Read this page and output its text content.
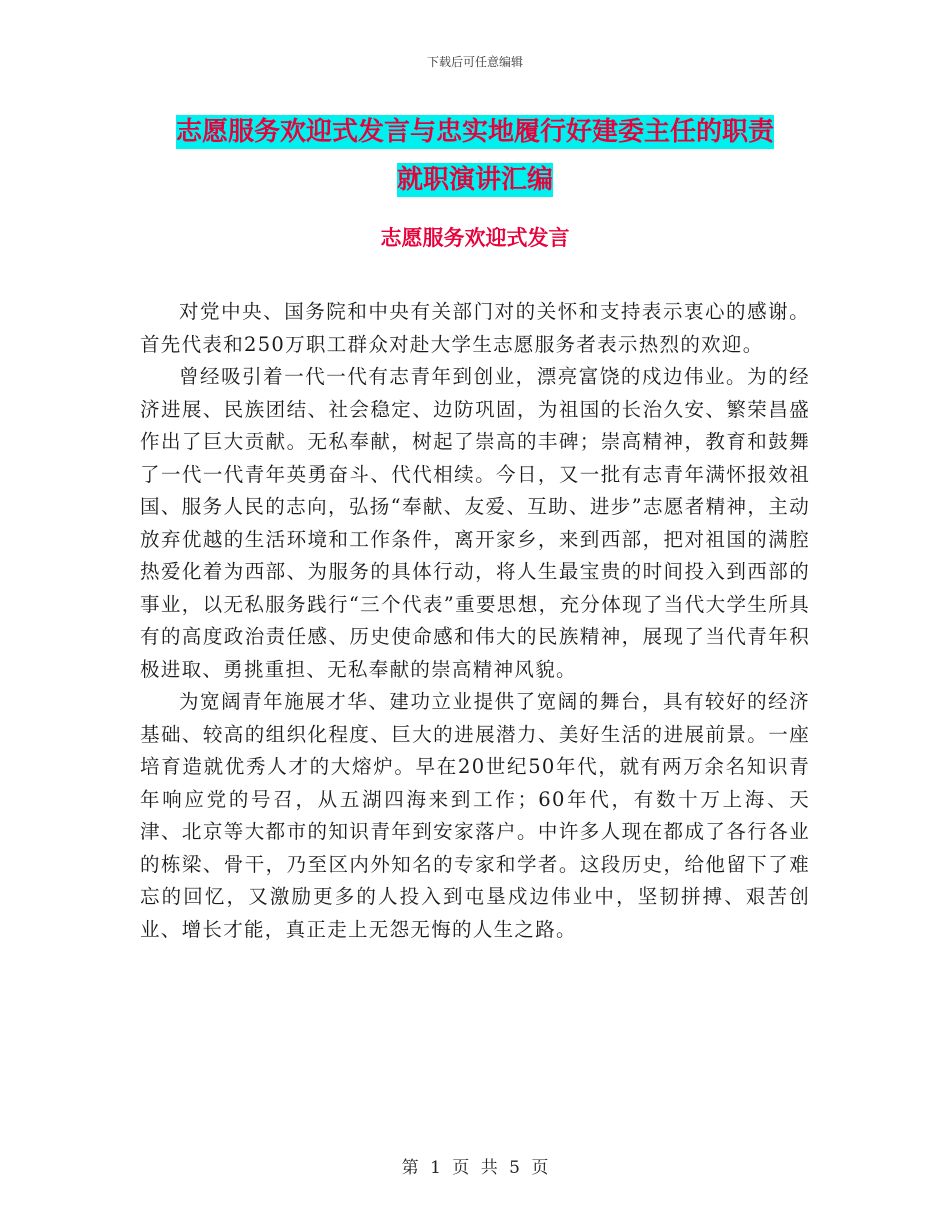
下载后可任意编辑
志愿服务欢迎式发言与忠实地履行好建委主任的职责
就职演讲汇编
志愿服务欢迎式发言

对党中央、国务院和中央有关部门对的关怀和支持表示衷心的感谢。首先代表和250万职工群众对赴大学生志愿服务者表示热烈的欢迎。

曾经吸引着一代一代有志青年到创业，漂亮富饶的戍边伟业。为的经济进展、民族团结、社会稳定、边防巩固，为祖国的长治久安、繁荣昌盛作出了巨大贡献。无私奉献，树起了崇高的丰碑；崇高精神，教育和鼓舞了一代一代青年英勇奋斗、代代相续。今日，又一批有志青年满怀报效祖国、服务人民的志向，弘扬“奉献、友爱、互助、进步”志愿者精神，主动放弃优越的生活环境和工作条件，离开家乡，来到西部，把对祖国的满腔热爱化着为西部、为服务的具体行动，将人生最宝贵的时间投入到西部的事业，以无私服务践行“三个代表”重要思想，充分体现了当代大学生所具有的高度政治责任感、历史使命感和伟大的民族精神，展现了当代青年积极进取、勇挑重担、无私奉献的崇高精神风貌。

为宽阔青年施展才华、建功立业提供了宽阔的舞台，具有较好的经济基础、较高的组织化程度、巨大的进展潜力、美好生活的进展前景。一座培育造就优秀人才的大熔炉。早在20世纪50年代，就有两万余名知识青年响应党的号召，从五湖四海来到工作；60年代，有数十万上海、天津、北京等大都市的知识青年到安家落户。中许多人现在都成了各行各业的栋梁、骨干，乃至区内外知名的专家和学者。这段历史，给他留下了难忘的回忆，又激励更多的人投入到屯垦戍边伟业中，坚韧拼搏、艰苦创业、增长才能，真正走上无怨无悔的人生之路。

第 1 页 共 5 页
